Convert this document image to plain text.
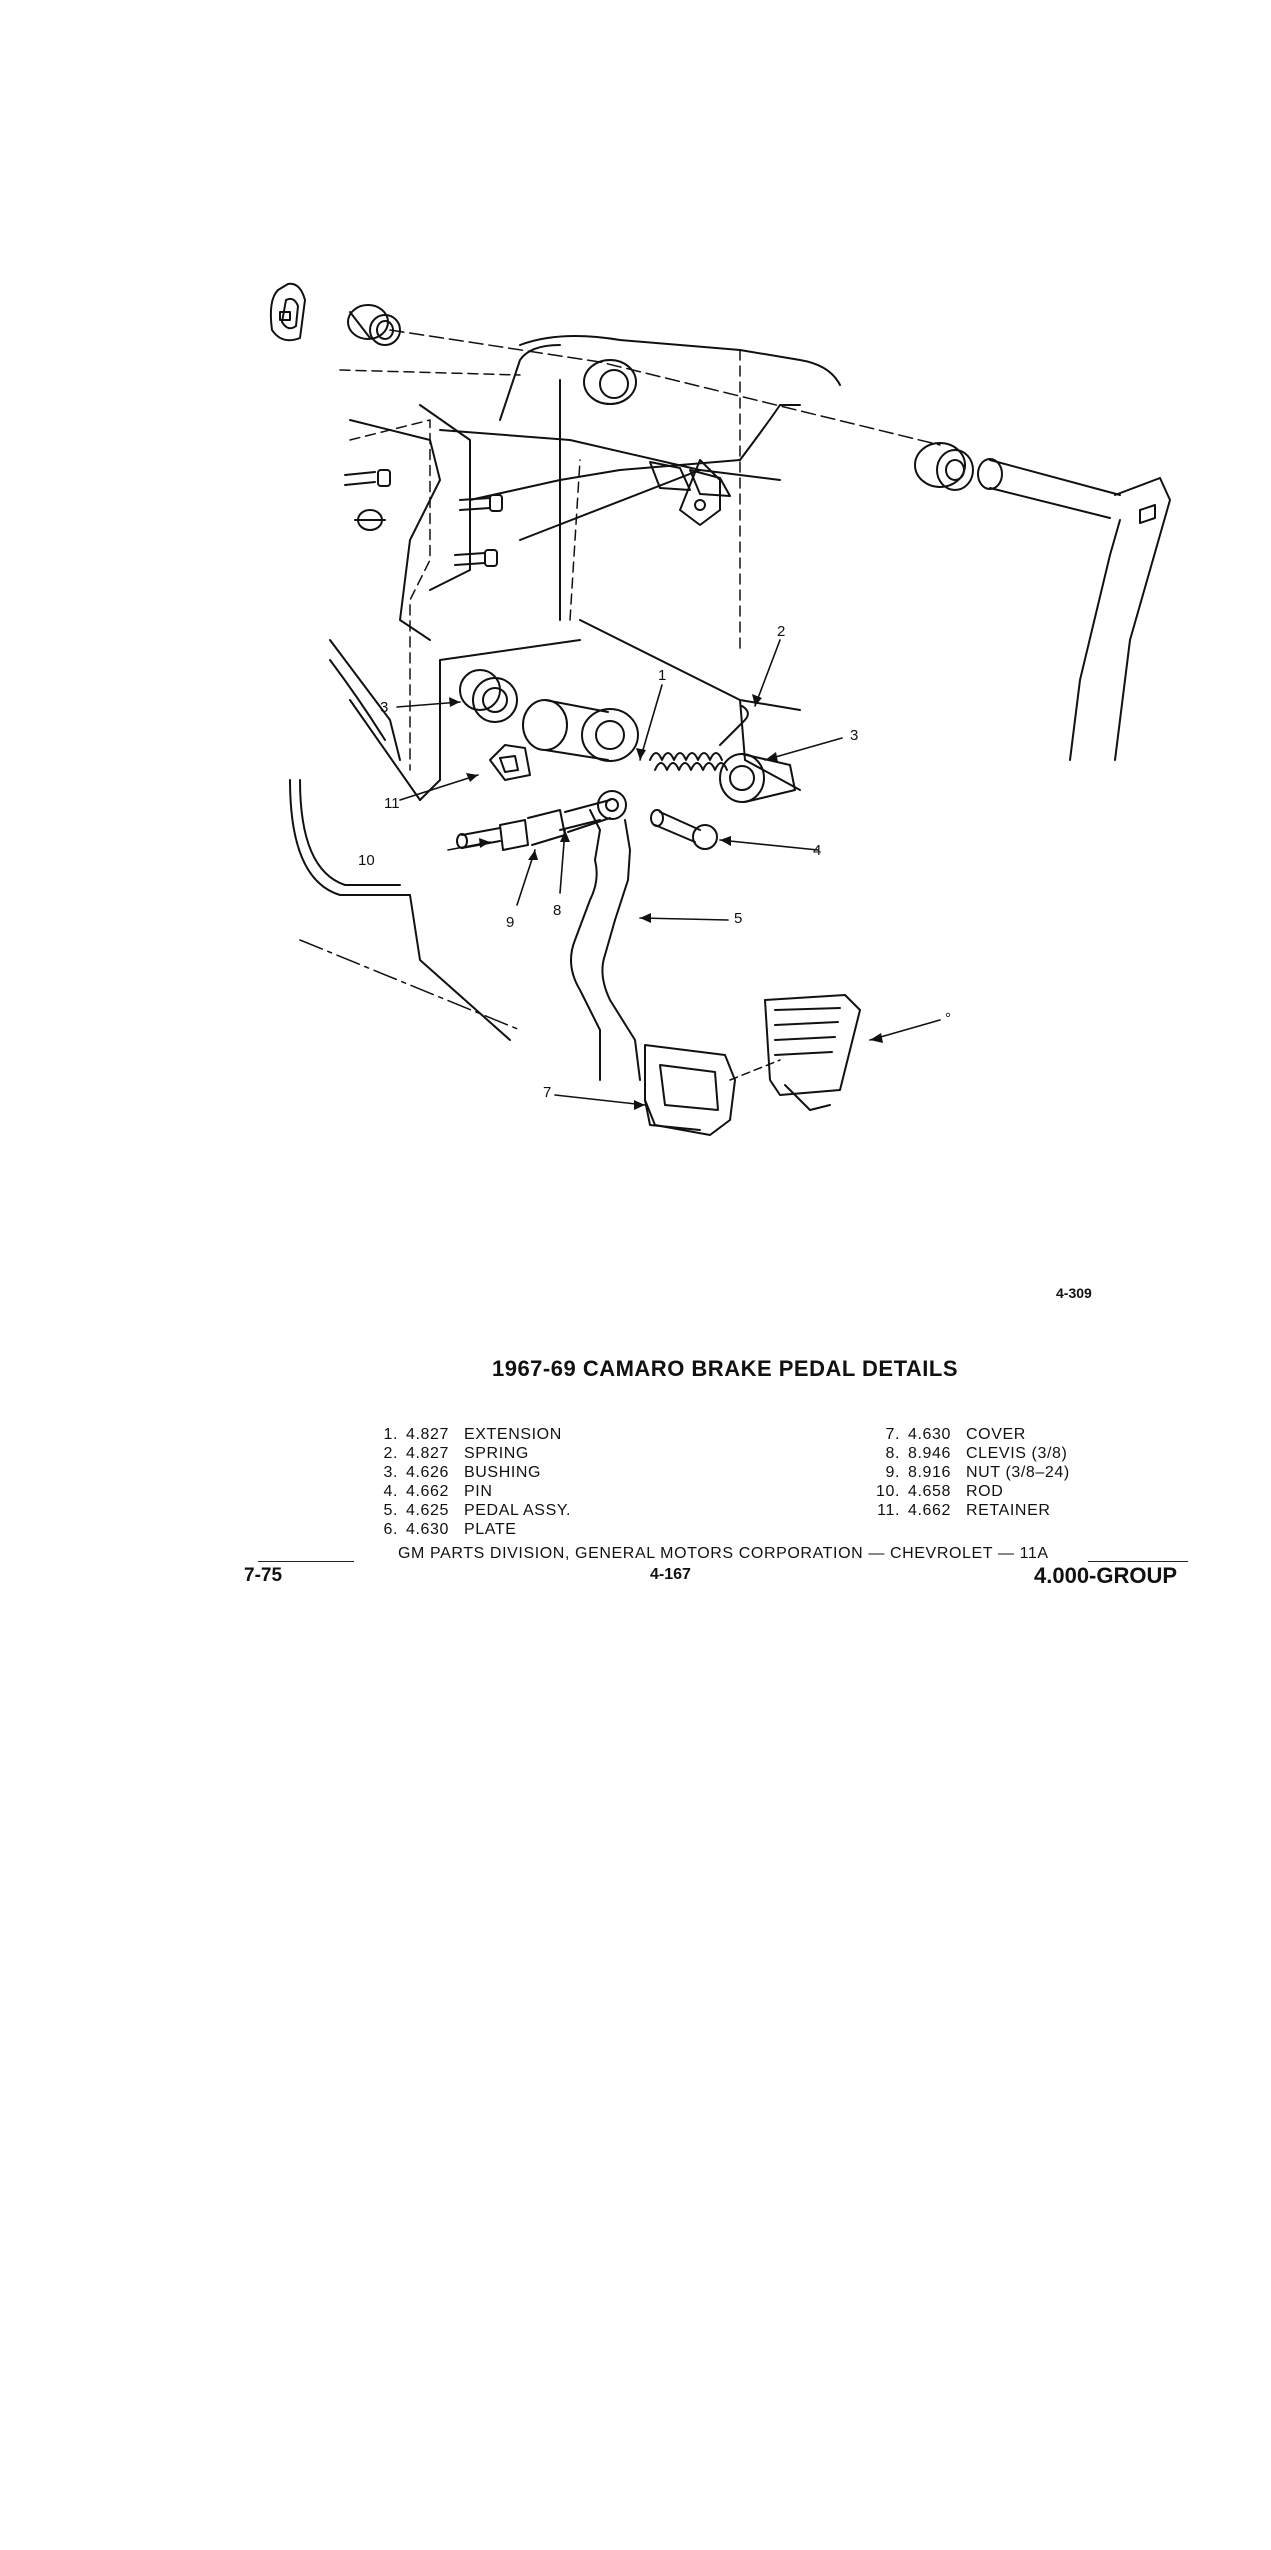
1
2
3
3
4
5
°
7
8
9
10
11
4-309
1967-69 CAMARO BRAKE PEDAL DETAILS
1. 4.827 EXTENSION
2. 4.827 SPRING
3. 4.626 BUSHING
4. 4.662 PIN
5. 4.625 PEDAL ASSY.
6. 4.630 PLATE
7. 4.630 COVER
8. 8.946 CLEVIS (3/8)
9. 8.916 NUT (3/8–24)
10. 4.658 ROD
11. 4.662 RETAINER
GM PARTS DIVISION, GENERAL MOTORS CORPORATION — CHEVROLET — 11A
7-75	4-167	4.000-GROUP
